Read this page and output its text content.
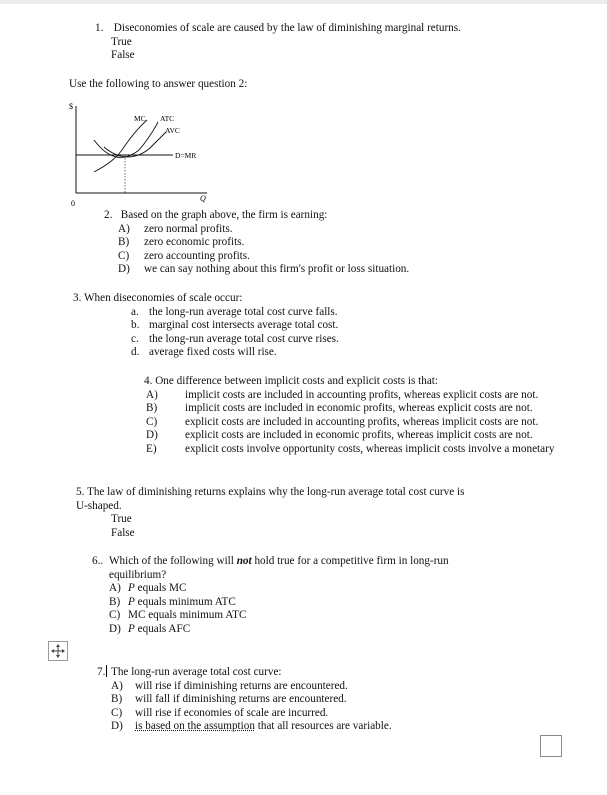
1. Diseconomies of scale are caused by the law of diminishing marginal returns.
True
False
Use the following to answer question 2:
$
0
Q
D=MR
MC ATC
AVC
2. Based on the graph above, the firm is earning:
A) zero normal profits.
B) zero economic profits.
C) zero accounting profits.
D) we can say nothing about this firm's profit or loss situation.
3. When diseconomies of scale occur:
a. the long-run average total cost curve falls.
b. marginal cost intersects average total cost.
c. the long-run average total cost curve rises.
d. average fixed costs will rise.
4. One difference between implicit costs and explicit costs is that:
A) implicit costs are included in accounting profits, whereas explicit costs are not.
B) implicit costs are included in economic profits, whereas explicit costs are not.
C) explicit costs are included in accounting profits, whereas implicit costs are not.
D) explicit costs are included in economic profits, whereas implicit costs are not.
E)	explicit costs involve opportunity costs, whereas implicit costs involve a monetary
5. The law of diminishing returns explains why the long-run average total cost curve is
U-shaped.
True
False
6.. Which of the following will not hold true for a competitive firm in long-run
equilibrium?
A) P equals MC
B) P equals minimum ATC
C) MC equals minimum ATC
D) P equals AFC
7. The long-run average total cost curve:
A) will rise if diminishing returns are encountered.
B) will fall if diminishing returns are encountered.
C) will rise if economies of scale are incurred.
D) is based on the assumption that all resources are variable.
